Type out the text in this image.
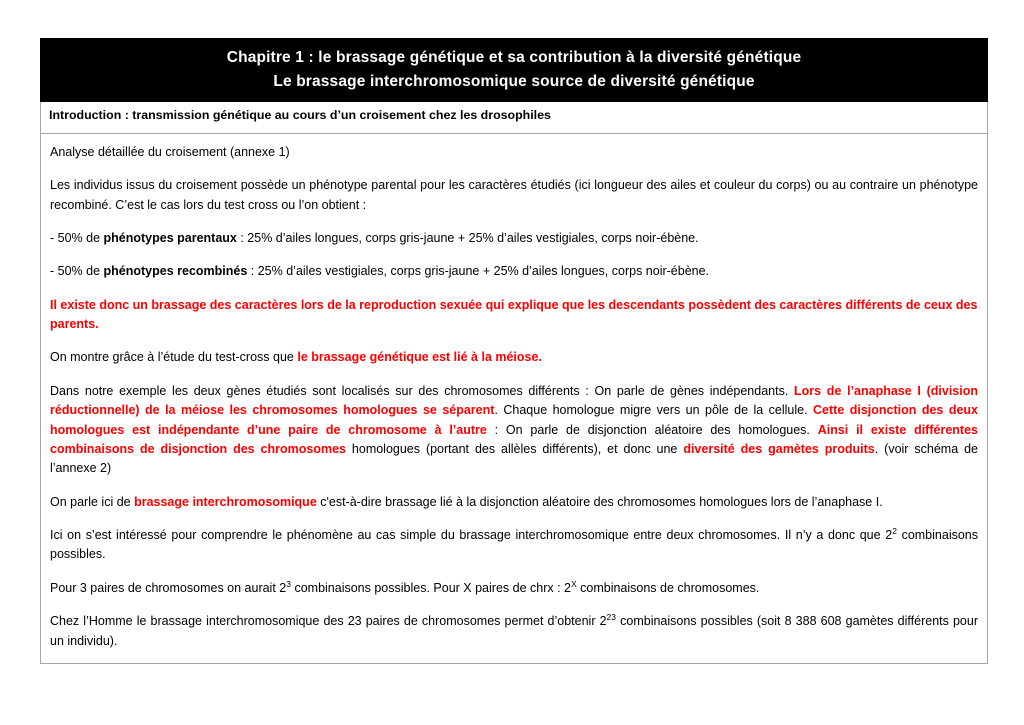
Chapitre 1 : le brassage génétique et sa contribution à la diversité génétique
Le brassage interchromosomique source de diversité génétique

Introduction : transmission génétique au cours d’un croisement chez les drosophiles

Analyse détaillée du croisement (annexe 1)

Les individus issus du croisement possède un phénotype parental pour les caractères étudiés (ici longueur des ailes et couleur du corps) ou au contraire un phénotype recombiné. C’est le cas lors du test cross ou l’on obtient :

- 50% de phénotypes parentaux : 25% d’ailes longues, corps gris-jaune + 25% d’ailes vestigiales, corps noir-ébène.

- 50% de phénotypes recombinés : 25% d’ailes vestigiales, corps gris-jaune + 25% d’ailes longues, corps noir-ébène.

Il existe donc un brassage des caractères lors de la reproduction sexuée qui explique que les descendants possèdent des caractères différents de ceux des parents.

On montre grâce à l’étude du test-cross que le brassage génétique est lié à la méiose.

Dans notre exemple les deux gènes étudiés sont localisés sur des chromosomes différents : On parle de gènes indépendants. Lors de l’anaphase I (division réductionnelle) de la méiose les chromosomes homologues se séparent. Chaque homologue migre vers un pôle de la cellule. Cette disjonction des deux homologues est indépendante d’une paire de chromosome à l’autre : On parle de disjonction aléatoire des homologues. Ainsi il existe différentes combinaisons de disjonction des chromosomes homologues (portant des allèles différents), et donc une diversité des gamètes produits. (voir schéma de l’annexe 2)

On parle ici de brassage interchromosomique c'est-à-dire brassage lié à la disjonction aléatoire des chromosomes homologues lors de l’anaphase I.

Ici on s’est intéressé pour comprendre le phénomène au cas simple du brassage interchromosomique entre deux chromosomes. Il n’y a donc que $2^2$ combinaisons possibles.

Pour 3 paires de chromosomes on aurait $2^3$ combinaisons possibles. Pour X paires de chrx : $2^X$ combinaisons de chromosomes.

Chez l’Homme le brassage interchromosomique des 23 paires de chromosomes permet d’obtenir $2^{23}$ combinaisons possibles (soit 8 388 608 gamètes différents pour un individu).
